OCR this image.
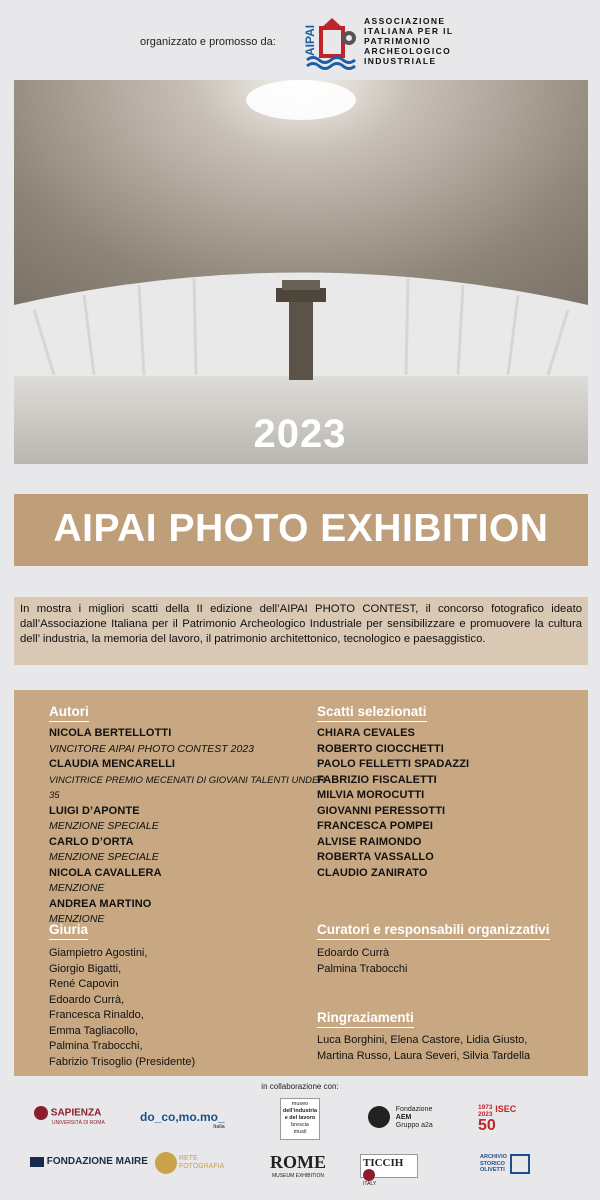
organizzato e promosso da: AIPAI
ASSOCIAZIONE
ITALIANA PER IL
PATRIMONIO
ARCHEOLOGICO
INDUSTRIALE
2023
AIPAI PHOTO EXHIBITION
In mostra i migliori scatti della II edizione dell’AIPAI PHOTO CONTEST, il concorso fotografico ideato dall’Associazione Italiana per il Patrimonio Archeologico Industriale per sensibilizzare e promuovere la cultura dell’ industria, la memoria del lavoro, il patrimonio architettonico, tecnologico e paesaggistico.
Autori
NICOLA BERTELLOTTI
VINCITORE AIPAI PHOTO CONTEST 2023
CLAUDIA MENCARELLI
VINCITRICE PREMIO MECENATI DI GIOVANI TALENTI UNDER 35
LUIGI D’APONTE
MENZIONE SPECIALE
CARLO D’ORTA
MENZIONE SPECIALE
NICOLA CAVALLERA
MENZIONE
ANDREA MARTINO
MENZIONE
Scatti selezionati
CHIARA CEVALES
ROBERTO CIOCCHETTI
PAOLO FELLETTI SPADAZZI
FABRIZIO FISCALETTI
MILVIA MOROCUTTI
GIOVANNI PERESSOTTI
FRANCESCA POMPEI
ALVISE RAIMONDO
ROBERTA VASSALLO
CLAUDIO ZANIRATO
Giuria
Giampietro Agostini,
Giorgio Bigatti,
René Capovin
Edoardo Currà,
Francesca Rinaldo,
Emma Tagliacollo,
Palmina Trabocchi,
Fabrizio Trisoglio (Presidente)
Curatori e responsabili organizzativi
Edoardo Currà
Palmina Trabocchi
Ringraziamenti
Luca Borghini, Elena Castore, Lidia Giusto,
Martina Russo, Laura Severi, Silvia Tardella
in collaborazione con:
SAPIENZA
UNIVERSITÀ DI ROMA	do_co,mo.mo_
Italia
museo
dell’industria
e del lavoro
brescia
musil

Fondazione
AEM
Gruppo a2a
1973
2023
ISEC
50
FONDAZIONE MAIRE
	RETE
FOTOGRAFIA	ROME
MUSEUM EXHIBITION
TICCIH
ITALY
ARCHIVIO
STORICO
OLIVETTI
